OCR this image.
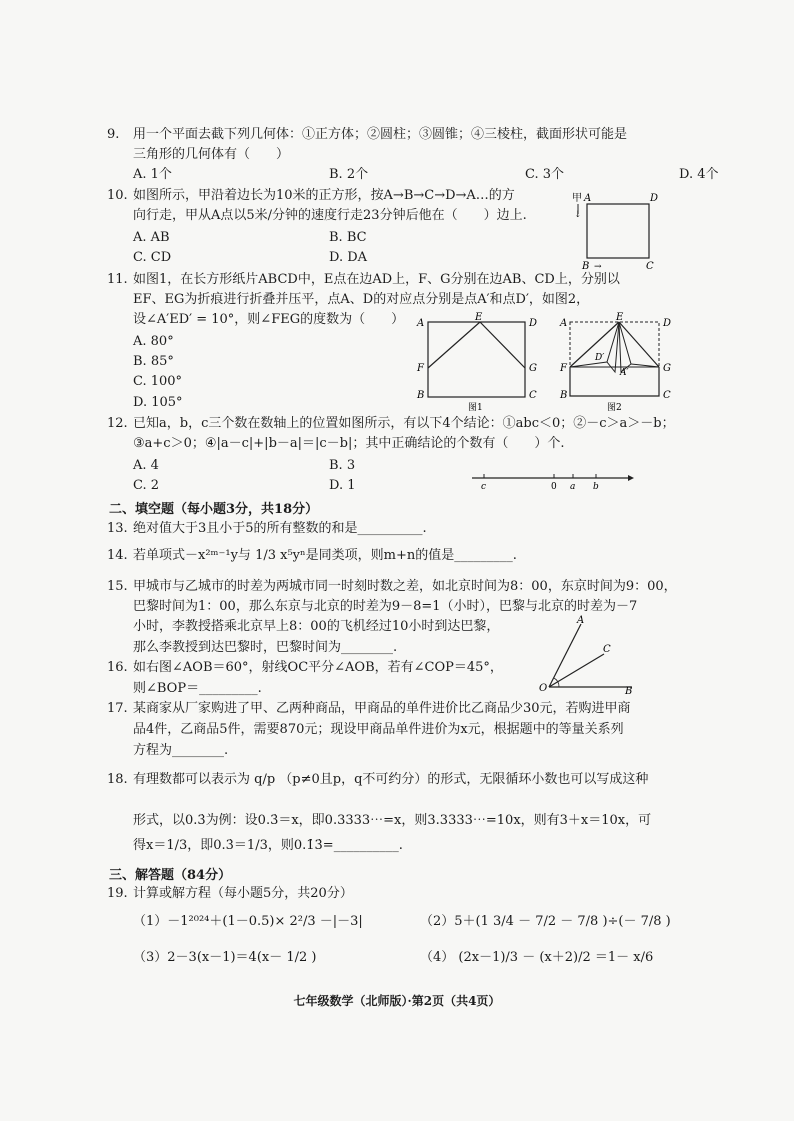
9. 用一个平面去截下列几何体：①正方体；②圆柱；③圆锥；④三棱柱，截面形状可能是
三角形的几何体有（　　）
A. 1个	B. 2个	C. 3个	D. 4个
10. 如图所示，甲沿着边长为10米的正方形，按A→B→C→D→A…的方
向行走，甲从A点以5米/分钟的速度行走23分钟后他在（　　）边上.
A. AB	B. BC
C. CD	D. DA
甲 A
↓
D
B →	C
11. 如图1，在长方形纸片ABCD中，E点在边AD上，F、G分别在边AB、CD上，分别以
EF、EG为折痕进行折叠并压平，点A、D的对应点分别是点A′和点D′，如图2，
设∠A′ED′ = 10°，则∠FEG的度数为（　　）
A. 80°
B. 85°
C. 100°
D. 105°
A
E
D
F	G
B	C
图1
A
E
D
D′
A′
F	G
B	C
图2
12. 已知a，b，c三个数在数轴上的位置如图所示，有以下4个结论：①abc＜0；②－c＞a＞－b；
③a+c＞0；④|a－c|+|b－a|＝|c－b|；其中正确结论的个数有（　　）个.
A. 4	B. 3
C. 2	D. 1	c	0 a b
二、填空题（每小题3分，共18分）
13. 绝对值大于3且小于5的所有整数的和是__________.
14. 若单项式－x²ᵐ⁻¹y与 1/3 x⁵yⁿ是同类项，则m+n的值是_________.
15. 甲城市与乙城市的时差为两城市同一时刻时数之差，如北京时间为8：00，东京时间为9：00，
巴黎时间为1：00，那么东京与北京的时差为9－8=1（小时），巴黎与北京的时差为－7
小时，李教授搭乘北京早上8：00的飞机经过10小时到达巴黎，
那么李教授到达巴黎时，巴黎时间为________.
16. 如右图∠AOB＝60°，射线OC平分∠AOB，若有∠COP＝45°，
则∠BOP＝_________.
A
C
O	B
17. 某商家从厂家购进了甲、乙两种商品，甲商品的单件进价比乙商品少30元，若购进甲商
品4件，乙商品5件，需要870元；现设甲商品单件进价为x元，根据题中的等量关系列
方程为________.
18. 有理数都可以表示为 q/p （p≠0且p，q不可约分）的形式，无限循环小数也可以写成这种
形式，以0.3̇为例：设0.3̇＝x，即0.3333⋯=x，则3.3333⋯=10x，则有3＋x＝10x，可
得x＝1/3，即0.3̇＝1/3，则0.1̇3̇=__________.
三、解答题（84分）
19. 计算或解方程（每小题5分，共20分）
（1）－1²⁰²⁴＋(1－0.5)× 2²/3 －|－3|	（2）5＋(1 3/4 － 7/2 － 7/8 )÷(－ 7/8 )
（3）2－3(x－1)＝4(x－ 1/2 )	（4） (2x－1)/3 － (x＋2)/2 ＝1－ x/6
七年级数学（北师版）·第2页（共4页）
